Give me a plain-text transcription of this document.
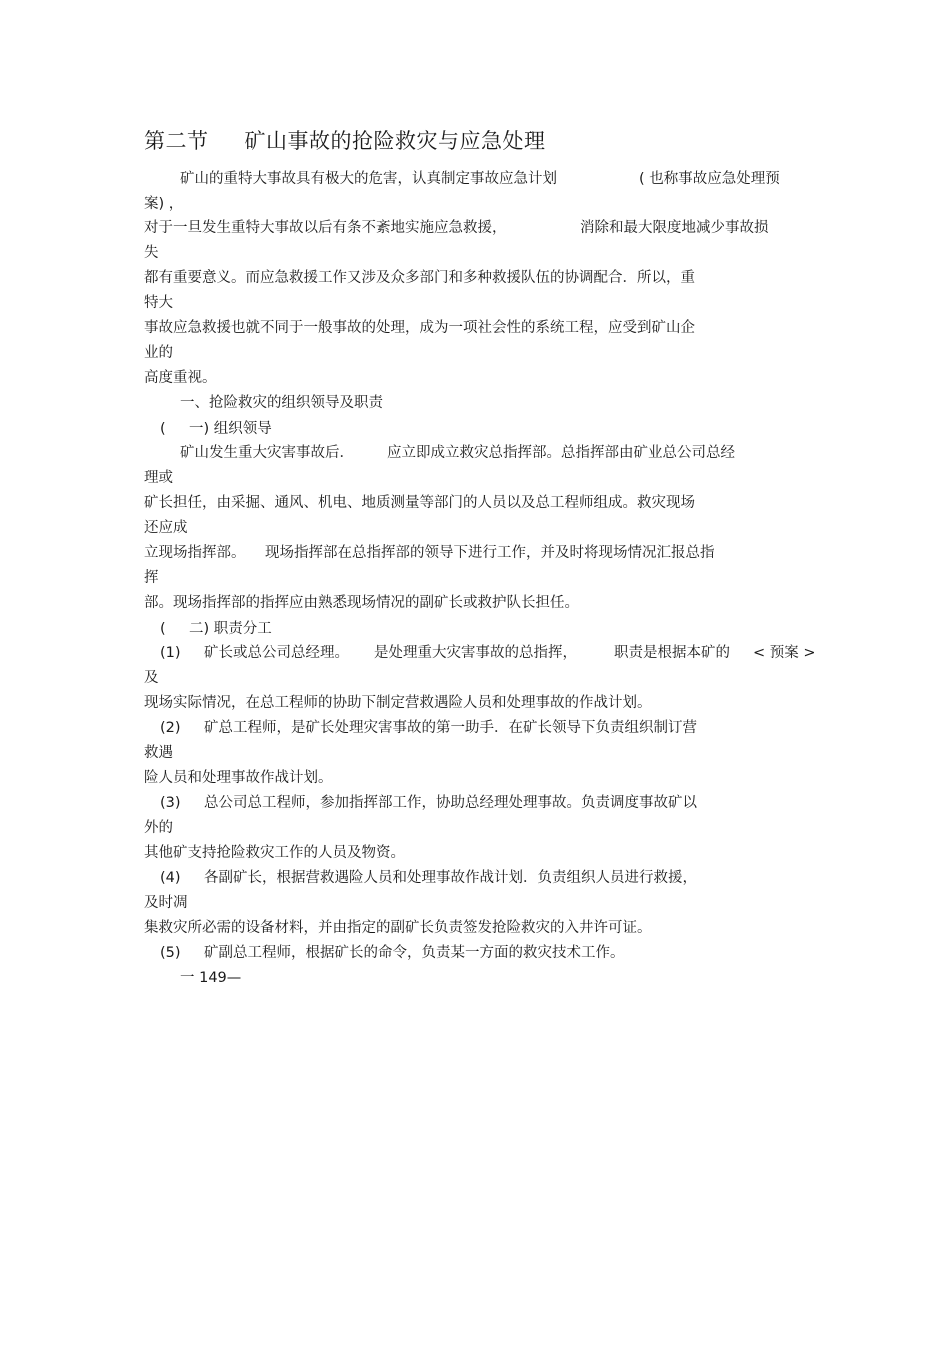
第二节 矿山事故的抢险救灾与应急处理
矿山的重特大事故具有极大的危害，认真制定事故应急计划	( 也称事故应急处理预
案) ，
对于一旦发生重特大事故以后有条不紊地实施应急救援，	消除和最大限度地减少事故损
失
都有重要意义。而应急救援工作又涉及众多部门和多种救援队伍的协调配合．所以，重
特大
事故应急救援也就不同于一般事故的处理，成为一项社会性的系统工程，应受到矿山企
业的
高度重视。
一、抢险救灾的组织领导及职责
( 一) 组织领导
矿山发生重大灾害事故后． 应立即成立救灾总指挥部。总指挥部由矿业总公司总经
理或
矿长担任，由采掘、通风、机电、地质测量等部门的人员以及总工程师组成。救灾现场
还应成
立现场指挥部。 现场指挥部在总指挥部的领导下进行工作，并及时将现场情况汇报总指
挥
部。现场指挥部的指挥应由熟悉现场情况的副矿长或救护队长担任。
( 二) 职责分工
(1) 矿长或总公司总经理。 是处理重大灾害事故的总指挥，	职责是根据本矿的 < 预案 >
及
现场实际情况，在总工程师的协助下制定营救遇险人员和处理事故的作战计划。
(2) 矿总工程师，是矿长处理灾害事故的第一助手．在矿长领导下负责组织制订营
救遇
险人员和处理事故作战计划。
(3) 总公司总工程师，参加指挥部工作，协助总经理处理事故。负责调度事故矿以
外的
其他矿支持抢险救灾工作的人员及物资。
(4) 各副矿长，根据营救遇险人员和处理事故作战计划．负责组织人员进行救援，
及时凋
集救灾所必需的设备材料，并由指定的副矿长负责签发抢险救灾的入井许可证。
(5) 矿副总工程师，根据矿长的命令，负责某一方面的救灾技术工作。
一 149—
